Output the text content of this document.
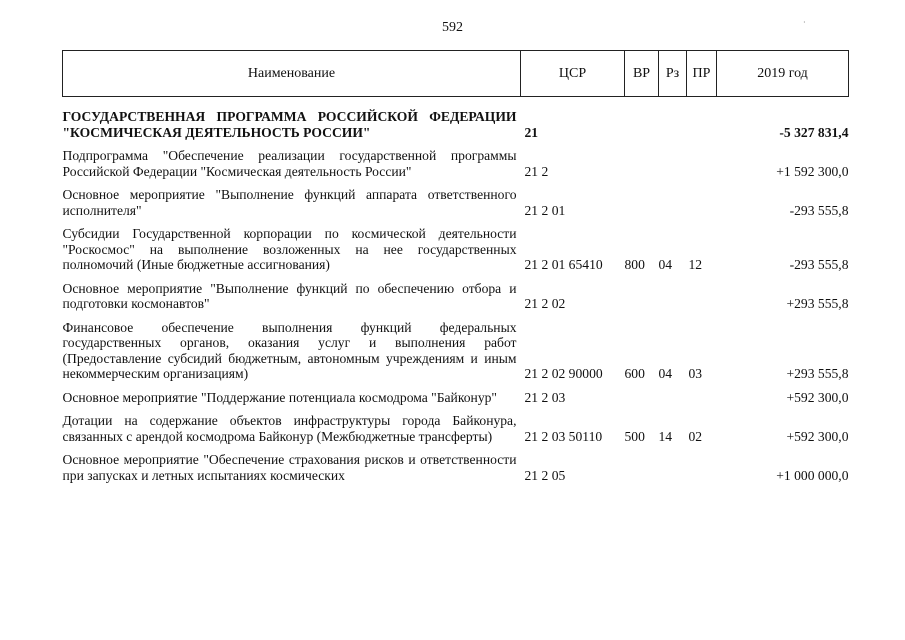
592	·
Наименование	ЦСР	ВР	Рз	ПР	2019 год
ГОСУДАРСТВЕННАЯ ПРОГРАММА РОССИЙСКОЙ ФЕДЕРАЦИИ "КОСМИЧЕСКАЯ ДЕЯТЕЛЬНОСТЬ РОССИИ"	21				-5 327 831,4
Подпрограмма "Обеспечение реализации государственной программы Российской Федерации "Космическая деятельность России"	21 2				+1 592 300,0
Основное мероприятие "Выполнение функций аппарата ответственного исполнителя"	21 2 01				-293 555,8
Субсидии Государственной корпорации по космической деятельности "Роскосмос" на выполнение возложенных на нее государственных полномочий (Иные бюджетные ассигнования)	21 2 01 65410	800	04	12	-293 555,8
Основное мероприятие "Выполнение функций по обеспечению отбора и подготовки космонавтов"	21 2 02				+293 555,8
Финансовое обеспечение выполнения функций федеральных государственных органов, оказания услуг и выполнения работ (Предоставление субсидий бюджетным, автономным учреждениям и иным некоммерческим организациям)	21 2 02 90000	600	04	03	+293 555,8
Основное мероприятие "Поддержание потенциала космодрома "Байконур"	21 2 03				+592 300,0
Дотации на содержание объектов инфраструктуры города Байконура, связанных с арендой космодрома Байконур (Межбюджетные трансферты)	21 2 03 50110	500	14	02	+592 300,0
Основное мероприятие "Обеспечение страхования рисков и ответственности при запусках и летных испытаниях космических	21 2 05				+1 000 000,0
